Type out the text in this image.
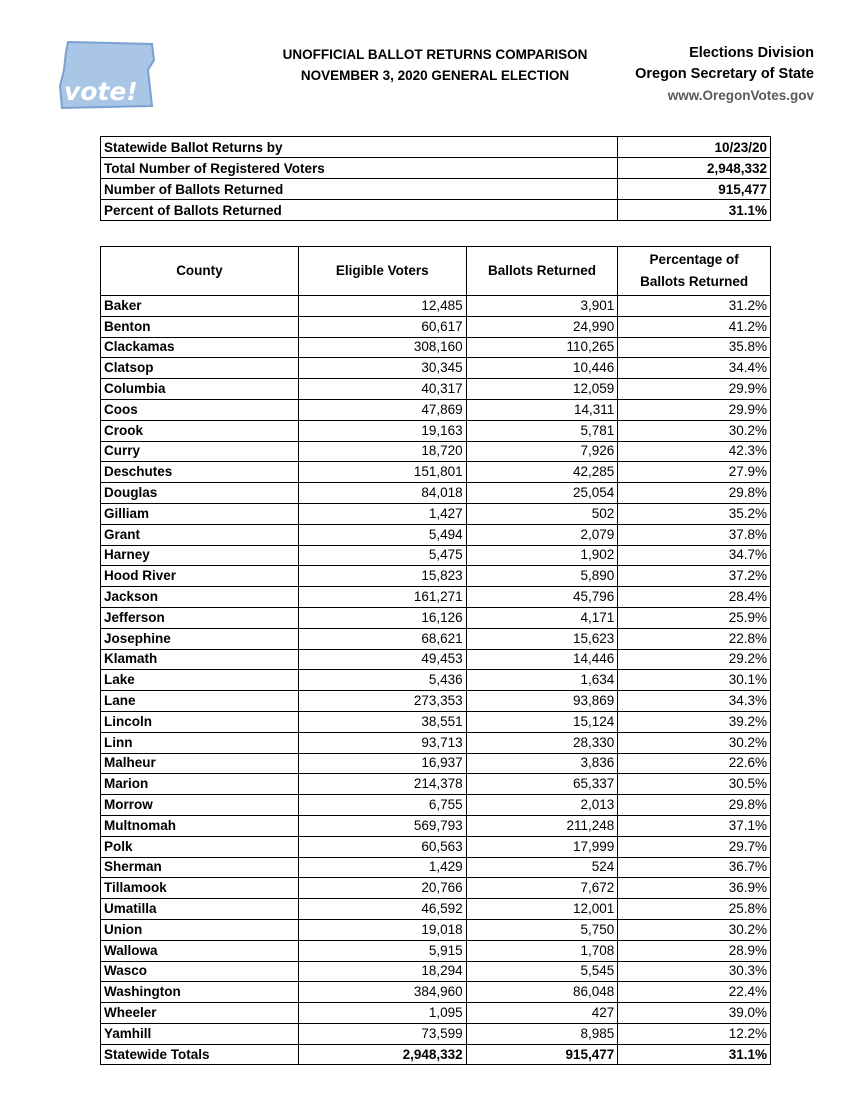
vote!
UNOFFICIAL BALLOT RETURNS COMPARISON
NOVEMBER 3, 2020 GENERAL ELECTION
Elections Division
Oregon Secretary of State
www.OregonVotes.gov
Statewide Ballot Returns by	10/23/20
Total Number of Registered Voters	2,948,332
Number of Ballots Returned	915,477
Percent of Ballots Returned	31.1%
County	Eligible Voters	Ballots Returned	Percentage of
Ballots Returned

Baker	12,485	3,901	31.2%
Benton	60,617	24,990	41.2%
Clackamas	308,160	110,265	35.8%
Clatsop	30,345	10,446	34.4%
Columbia	40,317	12,059	29.9%
Coos	47,869	14,311	29.9%
Crook	19,163	5,781	30.2%
Curry	18,720	7,926	42.3%
Deschutes	151,801	42,285	27.9%
Douglas	84,018	25,054	29.8%
Gilliam	1,427	502	35.2%
Grant	5,494	2,079	37.8%
Harney	5,475	1,902	34.7%
Hood River	15,823	5,890	37.2%
Jackson	161,271	45,796	28.4%
Jefferson	16,126	4,171	25.9%
Josephine	68,621	15,623	22.8%
Klamath	49,453	14,446	29.2%
Lake	5,436	1,634	30.1%
Lane	273,353	93,869	34.3%
Lincoln	38,551	15,124	39.2%
Linn	93,713	28,330	30.2%
Malheur	16,937	3,836	22.6%
Marion	214,378	65,337	30.5%
Morrow	6,755	2,013	29.8%
Multnomah	569,793	211,248	37.1%
Polk	60,563	17,999	29.7%
Sherman	1,429	524	36.7%
Tillamook	20,766	7,672	36.9%
Umatilla	46,592	12,001	25.8%
Union	19,018	5,750	30.2%
Wallowa	5,915	1,708	28.9%
Wasco	18,294	5,545	30.3%
Washington	384,960	86,048	22.4%
Wheeler	1,095	427	39.0%
Yamhill	73,599	8,985	12.2%
Statewide Totals	2,948,332	915,477	31.1%
